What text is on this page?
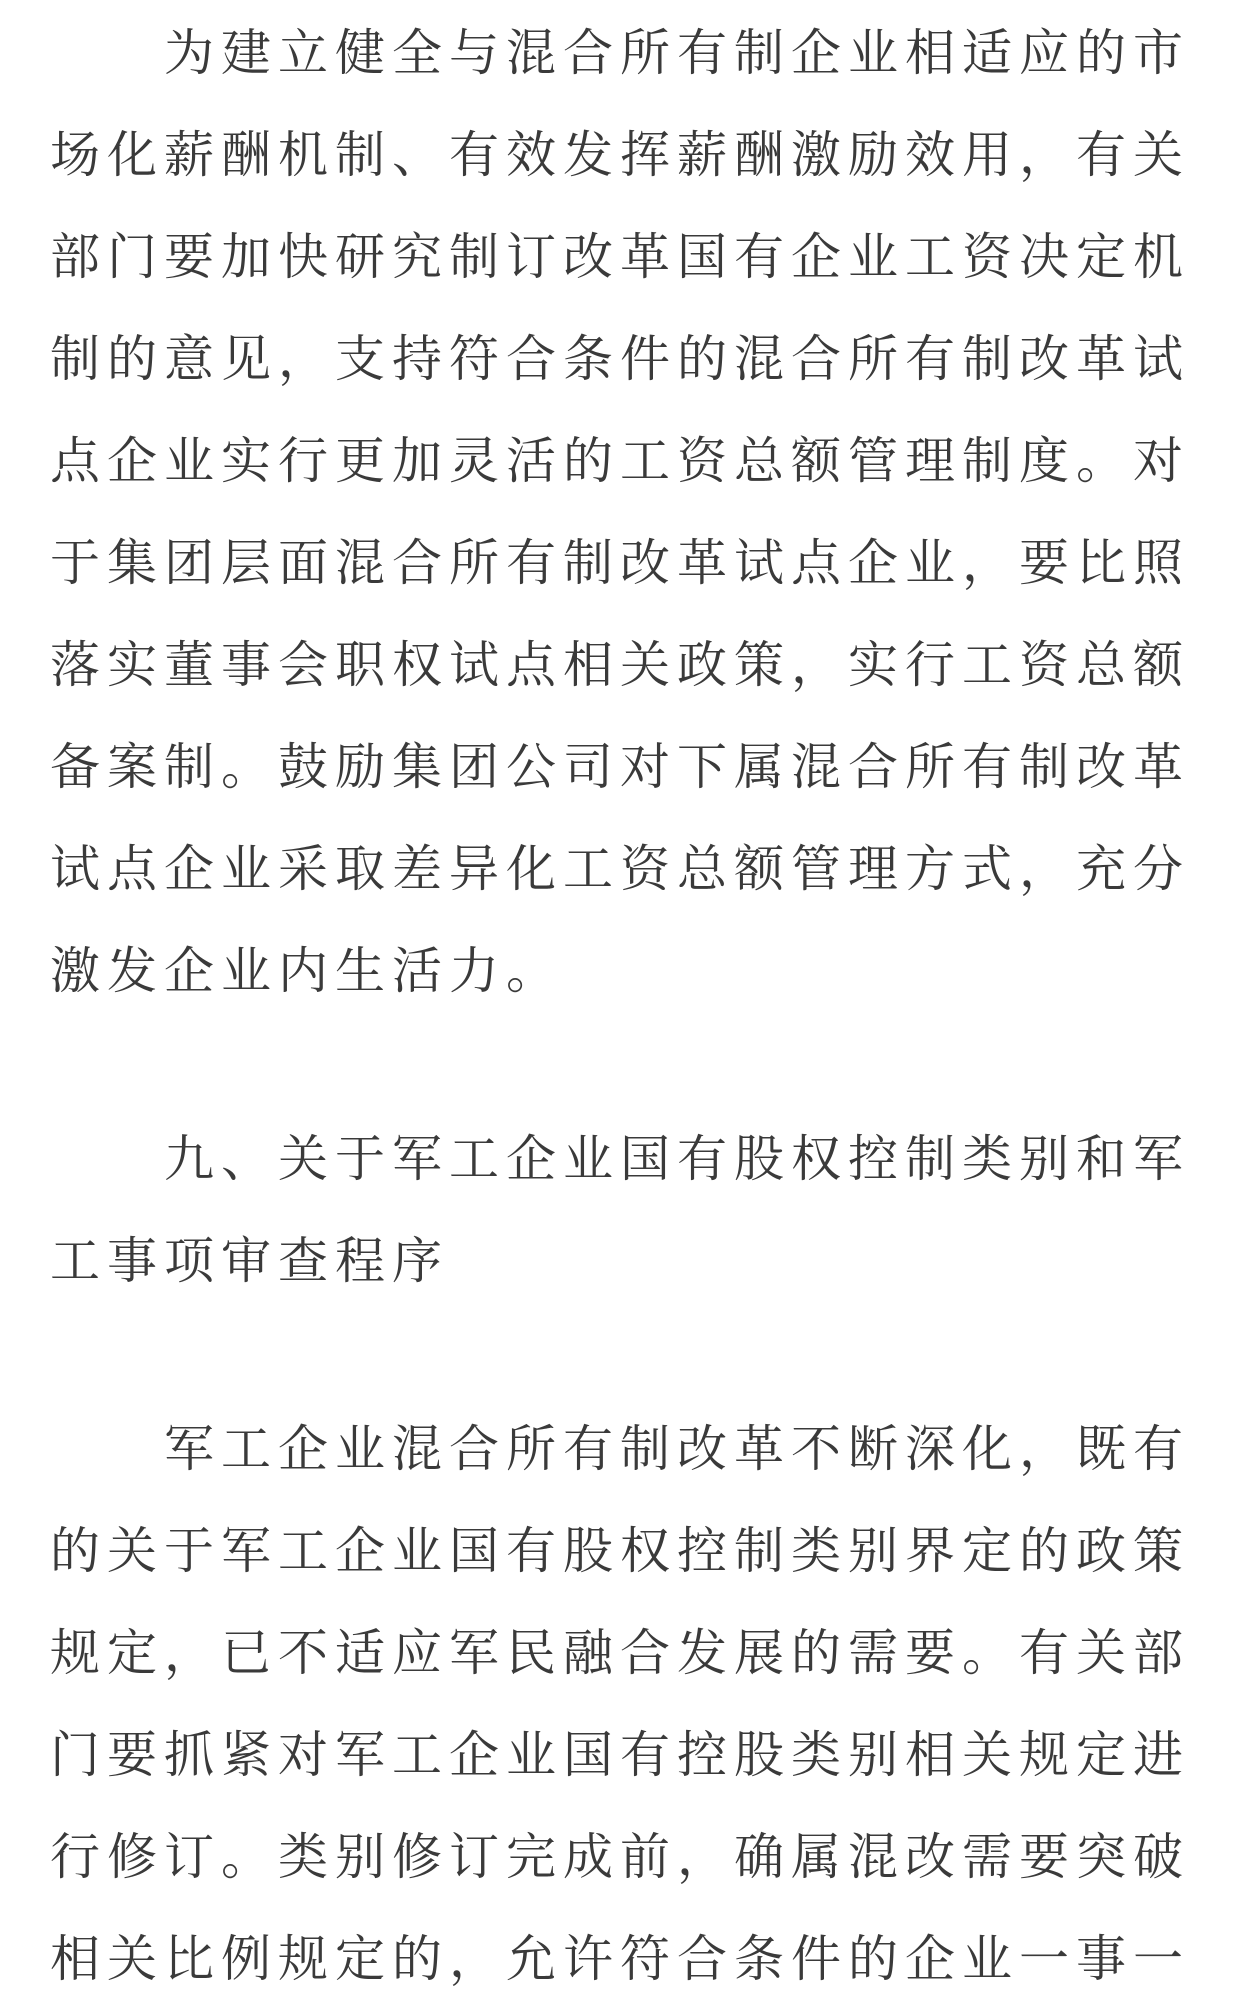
为建立健全与混合所有制企业相适应的市场化薪酬机制、有效发挥薪酬激励效用，有关部门要加快研究制订改革国有企业工资决定机制的意见，支持符合条件的混合所有制改革试点企业实行更加灵活的工资总额管理制度。对于集团层面混合所有制改革试点企业，要比照落实董事会职权试点相关政策，实行工资总额备案制。鼓励集团公司对下属混合所有制改革试点企业采取差异化工资总额管理方式，充分激发企业内生活力。

九、关于军工企业国有股权控制类别和军工事项审查程序

军工企业混合所有制改革不断深化，既有的关于军工企业国有股权控制类别界定的政策规定，已不适应军民融合发展的需要。有关部门要抓紧对军工企业国有控股类别相关规定进行修订。类别修订完成前，确属混改需要突破相关比例规定的，允许符合条件的企业一事一
